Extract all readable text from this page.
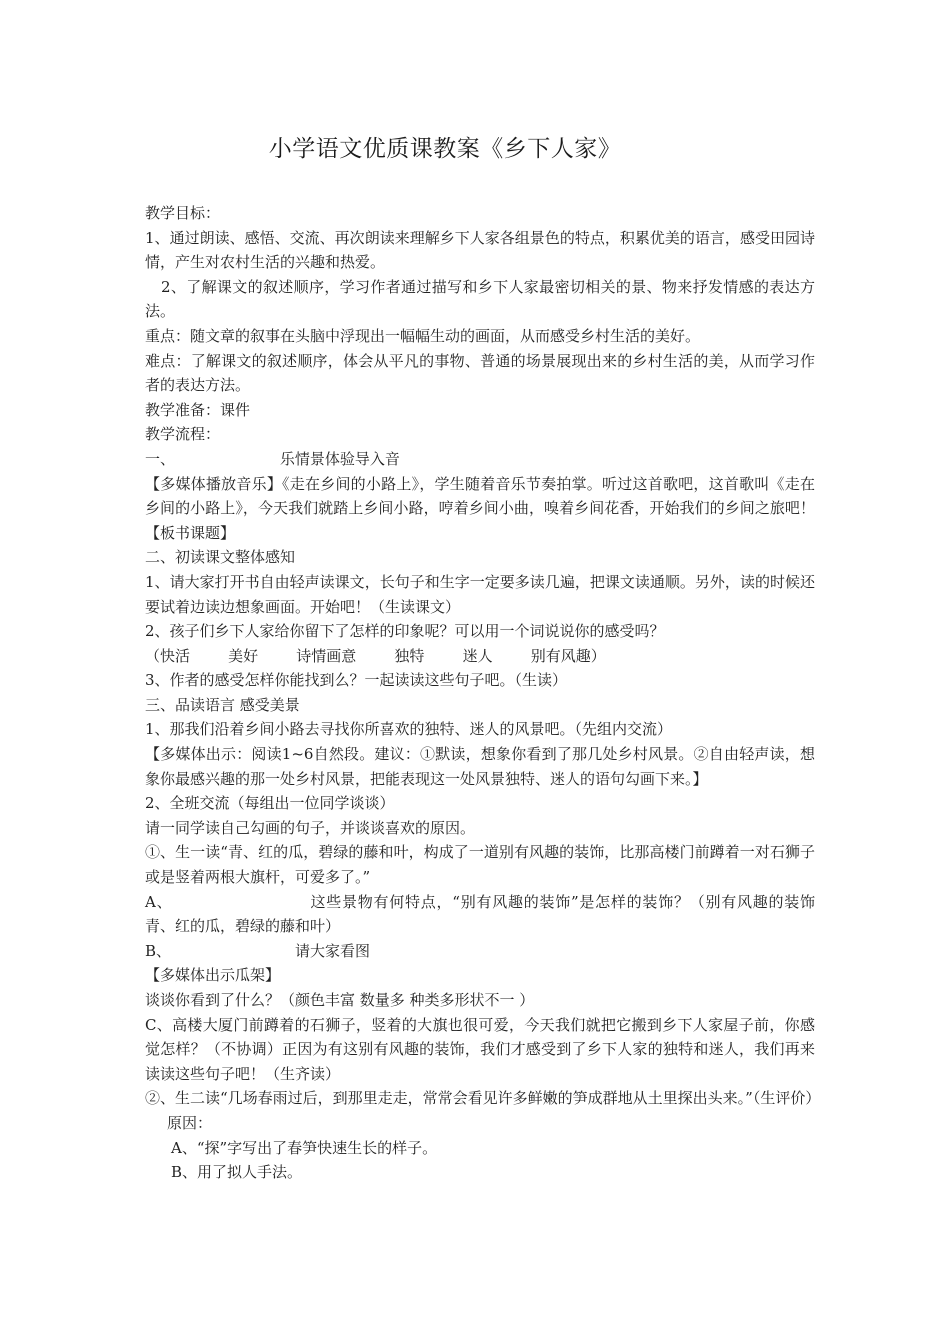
小学语文优质课教案《乡下人家》

教学目标：

1、通过朗读、感悟、交流、再次朗读来理解乡下人家各组景色的特点，积累优美的语言，感受田园诗情，产生对农村生活的兴趣和热爱。

2、了解课文的叙述顺序，学习作者通过描写和乡下人家最密切相关的景、物来抒发情感的表达方法。

重点：随文章的叙事在头脑中浮现出一幅幅生动的画面，从而感受乡村生活的美好。

难点：了解课文的叙述顺序，体会从平凡的事物、普通的场景展现出来的乡村生活的美，从而学习作者的表达方法。

教学准备：课件

教学流程：

一、                      乐情景体验导入音

【多媒体播放音乐】《走在乡间的小路上》，学生随着音乐节奏拍掌。听过这首歌吧，这首歌叫《走在乡间的小路上》，今天我们就踏上乡间小路，哼着乡间小曲，嗅着乡间花香，开始我们的乡间之旅吧！【板书课题】

二、初读课文整体感知

1、请大家打开书自由轻声读课文，长句子和生字一定要多读几遍，把课文读通顺。另外，读的时候还要试着边读边想象画面。开始吧！（生读课文）

2、孩子们乡下人家给你留下了怎样的印象呢？可以用一个词说说你的感受吗？

（快活        美好        诗情画意        独特        迷人        别有风趣）

3、作者的感受怎样你能找到么？一起读读这些句子吧。（生读）

三、品读语言 感受美景

1、那我们沿着乡间小路去寻找你所喜欢的独特、迷人的风景吧。（先组内交流）

【多媒体出示：阅读1~6自然段。建议：①默读，想象你看到了那几处乡村风景。②自由轻声读，想象你最感兴趣的那一处乡村风景，把能表现这一处风景独特、迷人的语句勾画下来。】

2、全班交流（每组出一位同学谈谈）

请一同学读自己勾画的句子，并谈谈喜欢的原因。

①、生一读“青、红的瓜，碧绿的藤和叶，构成了一道别有风趣的装饰，比那高楼门前蹲着一对石狮子或是竖着两根大旗杆，可爱多了。”

A、                         这些景物有何特点，“别有风趣的装饰”是怎样的装饰？（别有风趣的装饰                青、红的瓜，碧绿的藤和叶）

B、                          请大家看图

【多媒体出示瓜架】

谈谈你看到了什么？（颜色丰富 数量多 种类多形状不一 ）

C、高楼大厦门前蹲着的石狮子，竖着的大旗也很可爱，今天我们就把它搬到乡下人家屋子前，你感觉怎样？（不协调）正因为有这别有风趣的装饰，我们才感受到了乡下人家的独特和迷人，我们再来读读这些句子吧！（生齐读）

②、生二读“几场春雨过后，到那里走走，常常会看见许多鲜嫩的笋成群地从土里探出头来。”（生评价）

原因：

A、“探”字写出了春笋快速生长的样子。

B、用了拟人手法。
